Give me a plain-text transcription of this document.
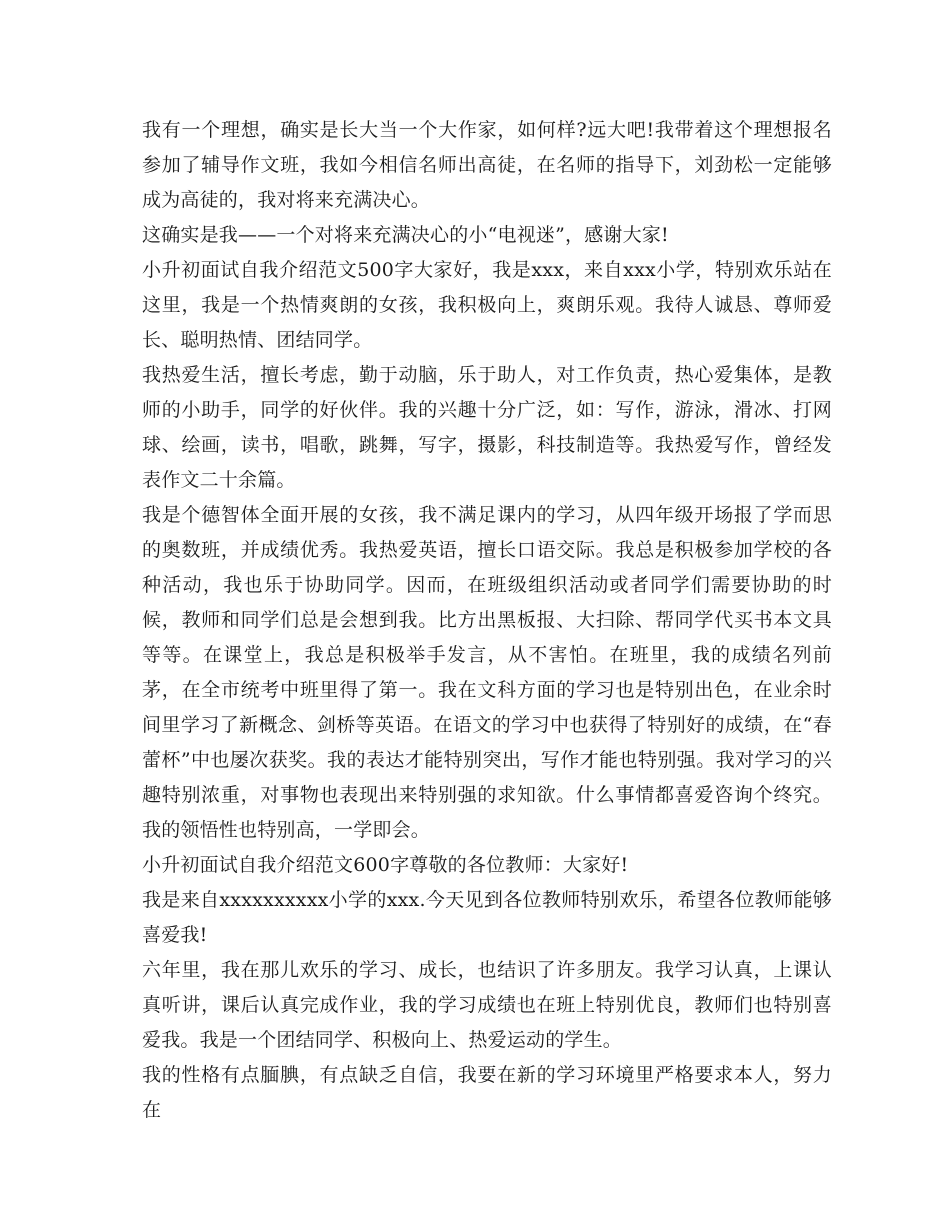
我有一个理想，确实是长大当一个大作家，如何样?远大吧!我带着这个理想报名参加了辅导作文班，我如今相信名师出高徒，在名师的指导下，刘劲松一定能够成为高徒的，我对将来充满决心。

这确实是我——一个对将来充满决心的小“电视迷”，感谢大家!

小升初面试自我介绍范文500字大家好，我是xxx，来自xxx小学，特别欢乐站在这里，我是一个热情爽朗的女孩，我积极向上，爽朗乐观。我待人诚恳、尊师爱长、聪明热情、团结同学。

我热爱生活，擅长考虑，勤于动脑，乐于助人，对工作负责，热心爱集体，是教师的小助手，同学的好伙伴。我的兴趣十分广泛，如：写作，游泳，滑冰、打网球、绘画，读书，唱歌，跳舞，写字，摄影，科技制造等。我热爱写作，曾经发表作文二十余篇。

我是个德智体全面开展的女孩，我不满足课内的学习，从四年级开场报了学而思的奥数班，并成绩优秀。我热爱英语，擅长口语交际。我总是积极参加学校的各种活动，我也乐于协助同学。因而，在班级组织活动或者同学们需要协助的时候，教师和同学们总是会想到我。比方出黑板报、大扫除、帮同学代买书本文具等等。在课堂上，我总是积极举手发言，从不害怕。在班里，我的成绩名列前茅，在全市统考中班里得了第一。我在文科方面的学习也是特别出色，在业余时间里学习了新概念、剑桥等英语。在语文的学习中也获得了特别好的成绩，在“春蕾杯”中也屡次获奖。我的表达才能特别突出，写作才能也特别强。我对学习的兴趣特别浓重，对事物也表现出来特别强的求知欲。什么事情都喜爱咨询个终究。我的领悟性也特别高，一学即会。

小升初面试自我介绍范文600字尊敬的各位教师：大家好!

我是来自xxxxxxxxxx小学的xxx.今天见到各位教师特别欢乐，希望各位教师能够喜爱我!

六年里，我在那儿欢乐的学习、成长，也结识了许多朋友。我学习认真，上课认真听讲，课后认真完成作业，我的学习成绩也在班上特别优良，教师们也特别喜爱我。我是一个团结同学、积极向上、热爱运动的学生。

我的性格有点腼腆，有点缺乏自信，我要在新的学习环境里严格要求本人，努力在
